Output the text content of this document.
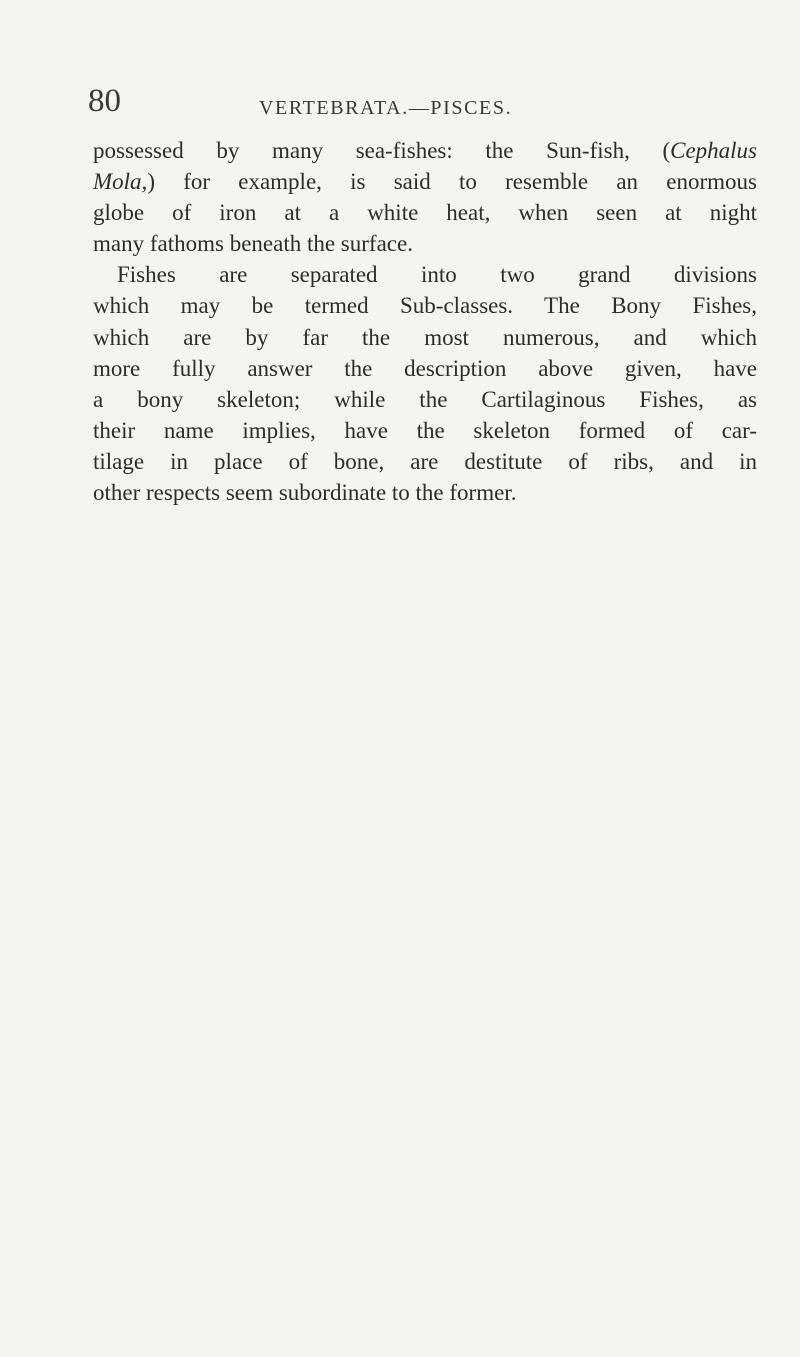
80	VERTEBRATA.—PISCES.
possessed by many sea-fishes: the Sun-fish, (Cephalus
Mola,) for example, is said to resemble an enormous
globe of iron at a white heat, when seen at night
many fathoms beneath the surface.
Fishes are separated into two grand divisions
which may be termed Sub-classes. The Bony Fishes,
which are by far the most numerous, and which
more fully answer the description above given, have
a bony skeleton; while the Cartilaginous Fishes, as
their name implies, have the skeleton formed of car-
tilage in place of bone, are destitute of ribs, and in
other respects seem subordinate to the former.
